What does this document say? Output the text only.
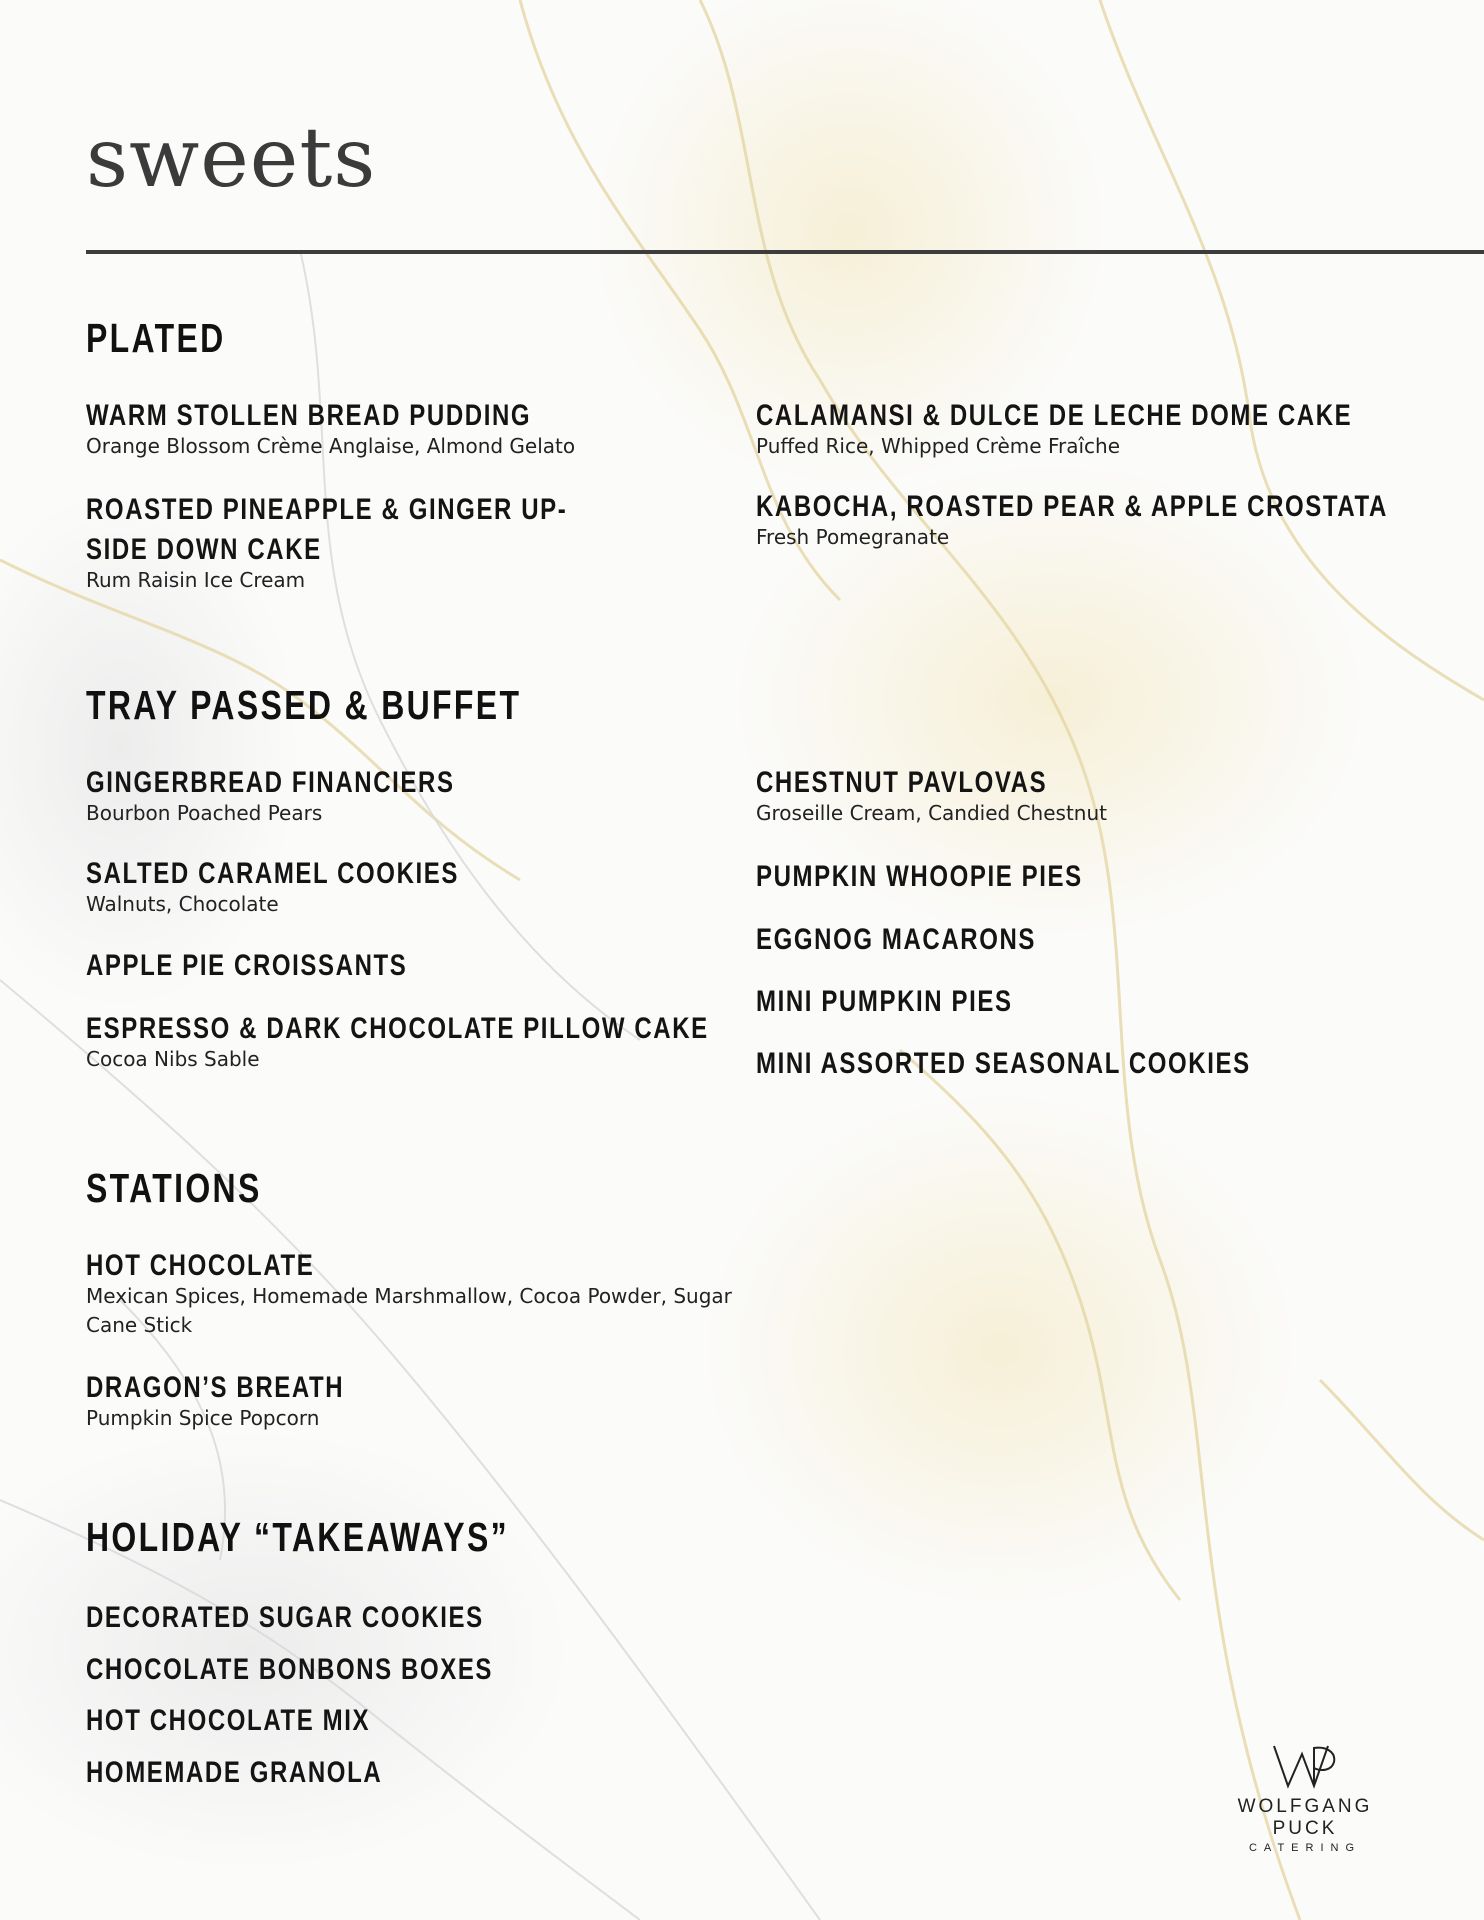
sweets
PLATED
WARM STOLLEN BREAD PUDDING
Orange Blossom Crème Anglaise, Almond Gelato
ROASTED PINEAPPLE & GINGER UP-SIDE DOWN CAKE
Rum Raisin Ice Cream
CALAMANSI & DULCE DE LECHE DOME CAKE
Puffed Rice, Whipped Crème Fraîche
KABOCHA, ROASTED PEAR & APPLE CROSTATA
Fresh Pomegranate
TRAY PASSED & BUFFET
GINGERBREAD FINANCIERS
Bourbon Poached Pears
SALTED CARAMEL COOKIES
Walnuts, Chocolate
APPLE PIE CROISSANTS
ESPRESSO & DARK CHOCOLATE PILLOW CAKE
Cocoa Nibs Sable
CHESTNUT PAVLOVAS
Groseille Cream, Candied Chestnut
PUMPKIN WHOOPIE PIES
EGGNOG MACARONS
MINI PUMPKIN PIES
MINI ASSORTED SEASONAL COOKIES
STATIONS
HOT CHOCOLATE
Mexican Spices, Homemade Marshmallow, Cocoa Powder, Sugar Cane Stick
DRAGON’S BREATH
Pumpkin Spice Popcorn
HOLIDAY “TAKEAWAYS”
DECORATED SUGAR COOKIES
CHOCOLATE BONBONS BOXES
HOT CHOCOLATE MIX
HOMEMADE GRANOLA
WOLFGANG PUCK
CATERING
